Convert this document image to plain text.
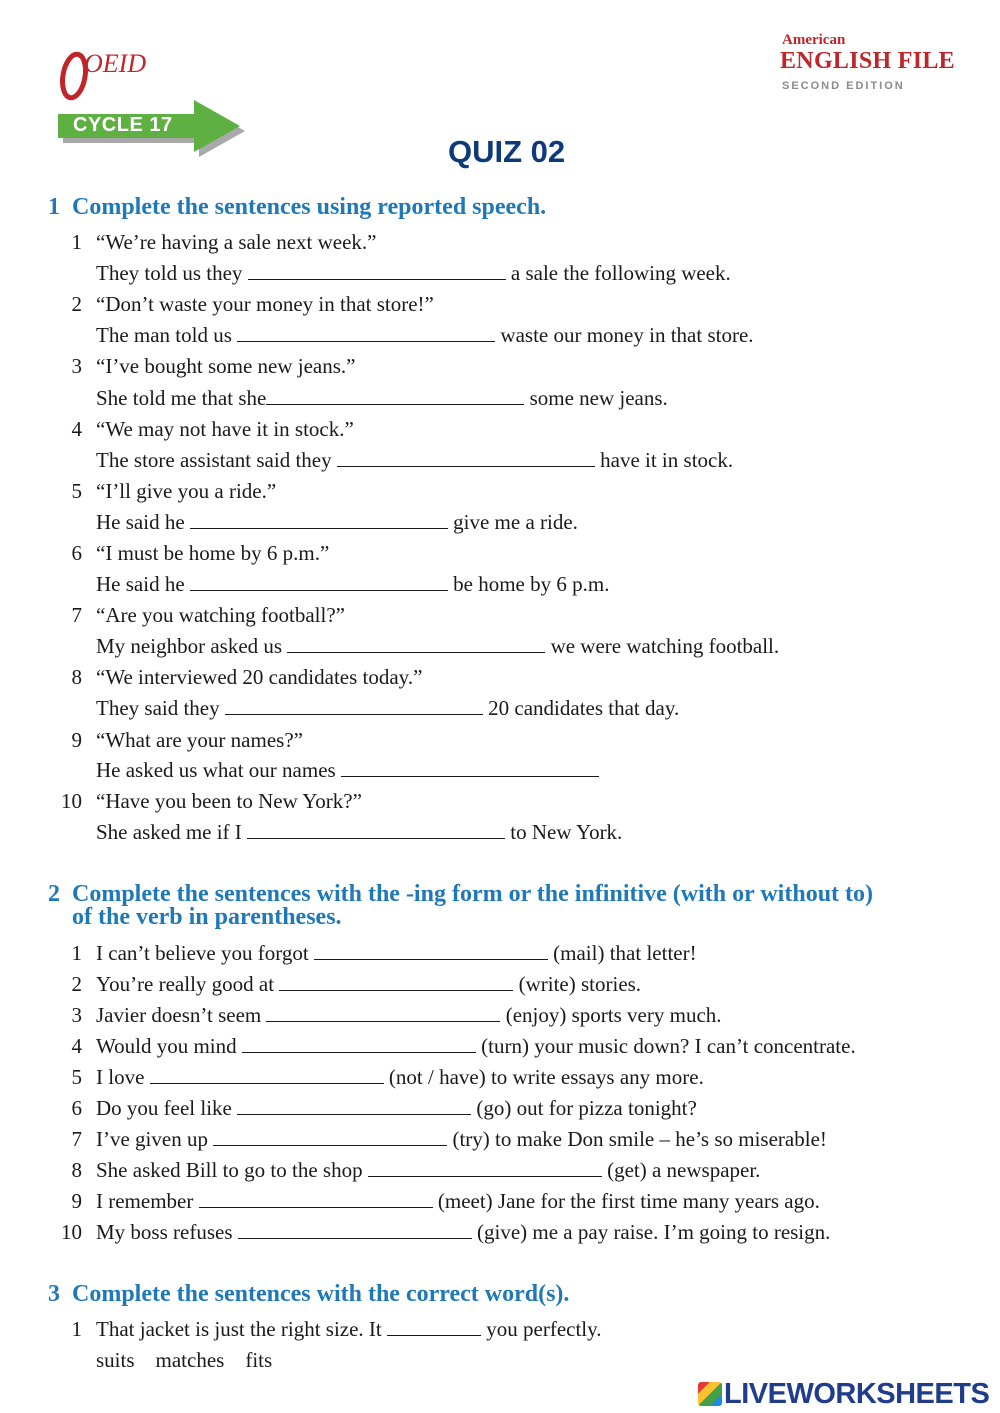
OEID
CYCLE 17
American
ENGLISH FILE
SECOND EDITION
QUIZ 02
1 Complete the sentences using reported speech.
1 “We’re having a sale next week.”
They told us they	a sale the following week.
2 “Don’t waste your money in that store!”
The man told us	waste our money in that store.
3 “I’ve bought some new jeans.”
She told me that she	some new jeans.
4 “We may not have it in stock.”
The store assistant said they	have it in stock.
5 “I’ll give you a ride.”
He said he	give me a ride.
6 “I must be home by 6 p.m.”
He said he	be home by 6 p.m.
7 “Are you watching football?”
My neighbor asked us	we were watching football.
8 “We interviewed 20 candidates today.”
They said they	20 candidates that day.
9 “What are your names?”
He asked us what our names
10 “Have you been to New York?”
She asked me if I	to New York.
2 Complete the sentences with the -ing form or the infinitive (with or without to)
of the verb in parentheses.
1 I can’t believe you forgot	(mail) that letter!
2 You’re really good at	(write) stories.
3 Javier doesn’t seem	(enjoy) sports very much.
4 Would you mind	(turn) your music down? I can’t concentrate.
5 I love	(not / have) to write essays any more.
6 Do you feel like	(go) out for pizza tonight?
7 I’ve given up	(try) to make Don smile – he’s so miserable!
8 She asked Bill to go to the shop	(get) a newspaper.
9 I remember	(meet) Jane for the first time many years ago.
10 My boss refuses	(give) me a pay raise. I’m going to resign.
3 Complete the sentences with the correct word(s).
1 That jacket is just the right size. It	you perfectly.
suits matches fits
LIVEWORKSHEETS
